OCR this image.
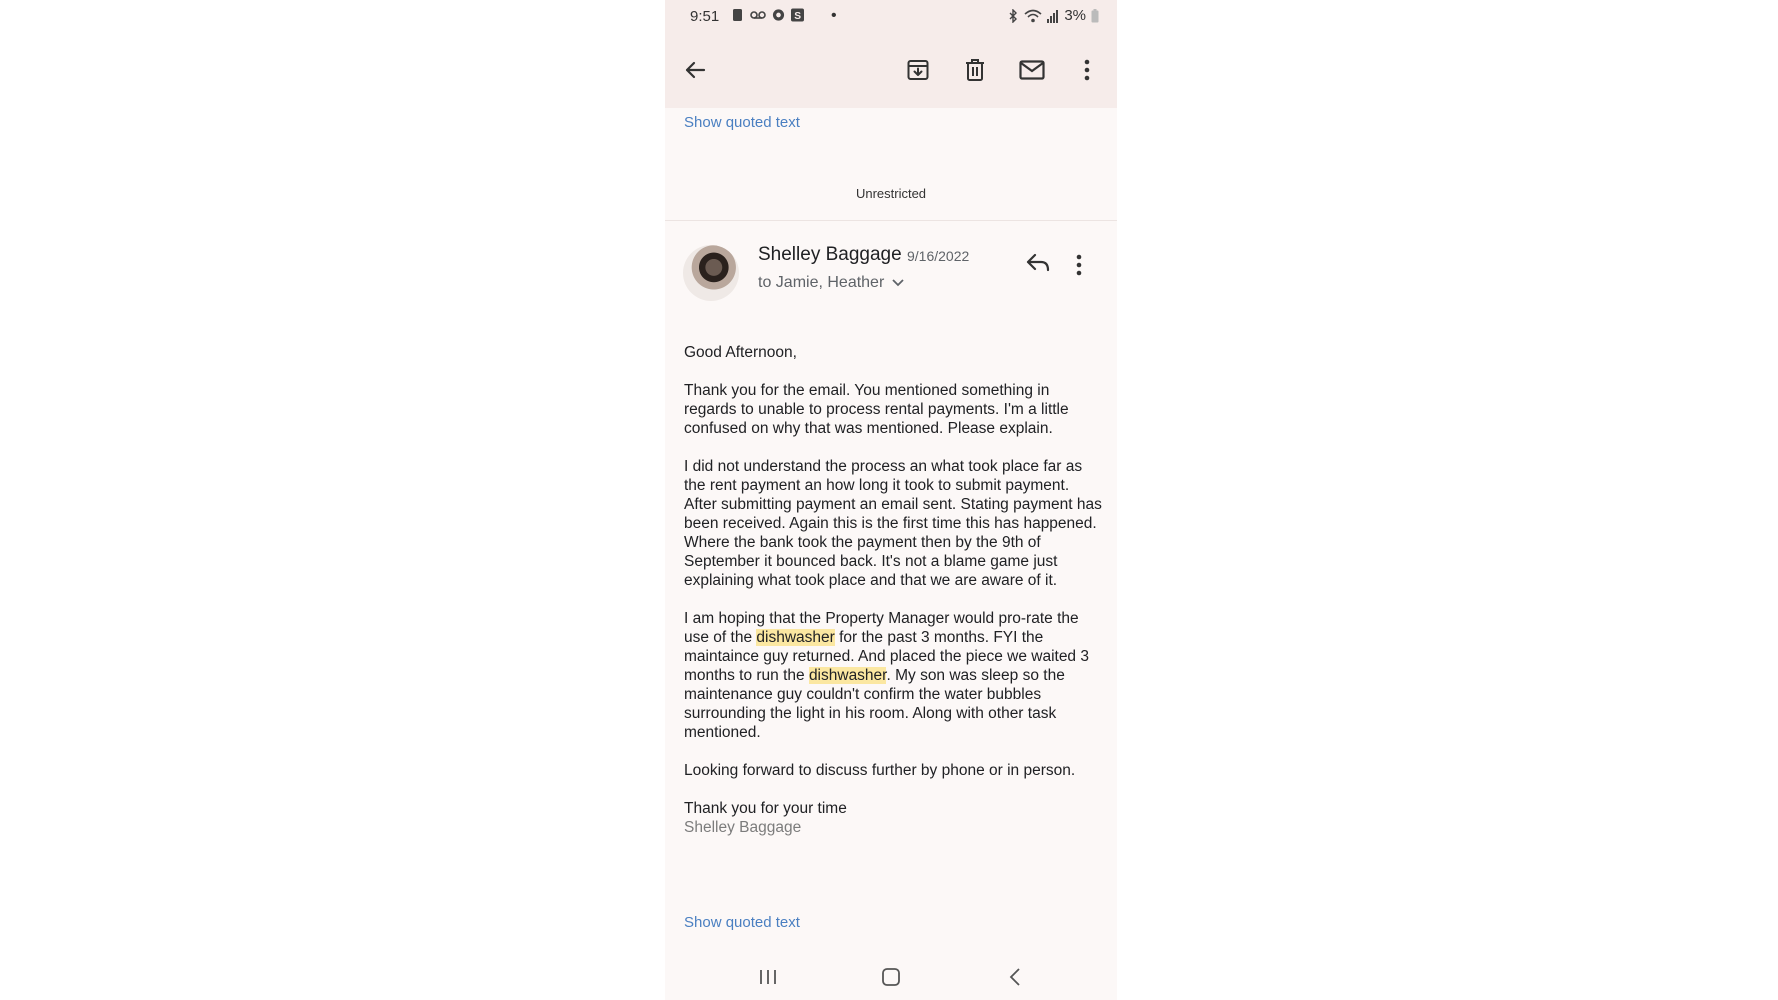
9:51	S •	3%
Show quoted text
Unrestricted
Shelley Baggage 9/16/2022
to Jamie, Heather

Good Afternoon,

Thank you for the email. You mentioned something in regards to unable to process rental payments. I'm a little confused on why that was mentioned. Please explain.

I did not understand the process an what took place far as the rent payment an how long it took to submit payment. After submitting payment an email sent. Stating payment has been received. Again this is the first time this has happened. Where the bank took the payment then by the 9th of September it bounced back. It's not a blame game just explaining what took place and that we are aware of it.

I am hoping that the Property Manager would pro-rate the use of the dishwasher for the past 3 months. FYI the maintaince guy returned. And placed the piece we waited 3 months to run the dishwasher. My son was sleep so the maintenance guy couldn't confirm the water bubbles surrounding the light in his room. Along with other task mentioned.

Looking forward to discuss further by phone or in person.

Thank you for your time

Shelley Baggage

Show quoted text
